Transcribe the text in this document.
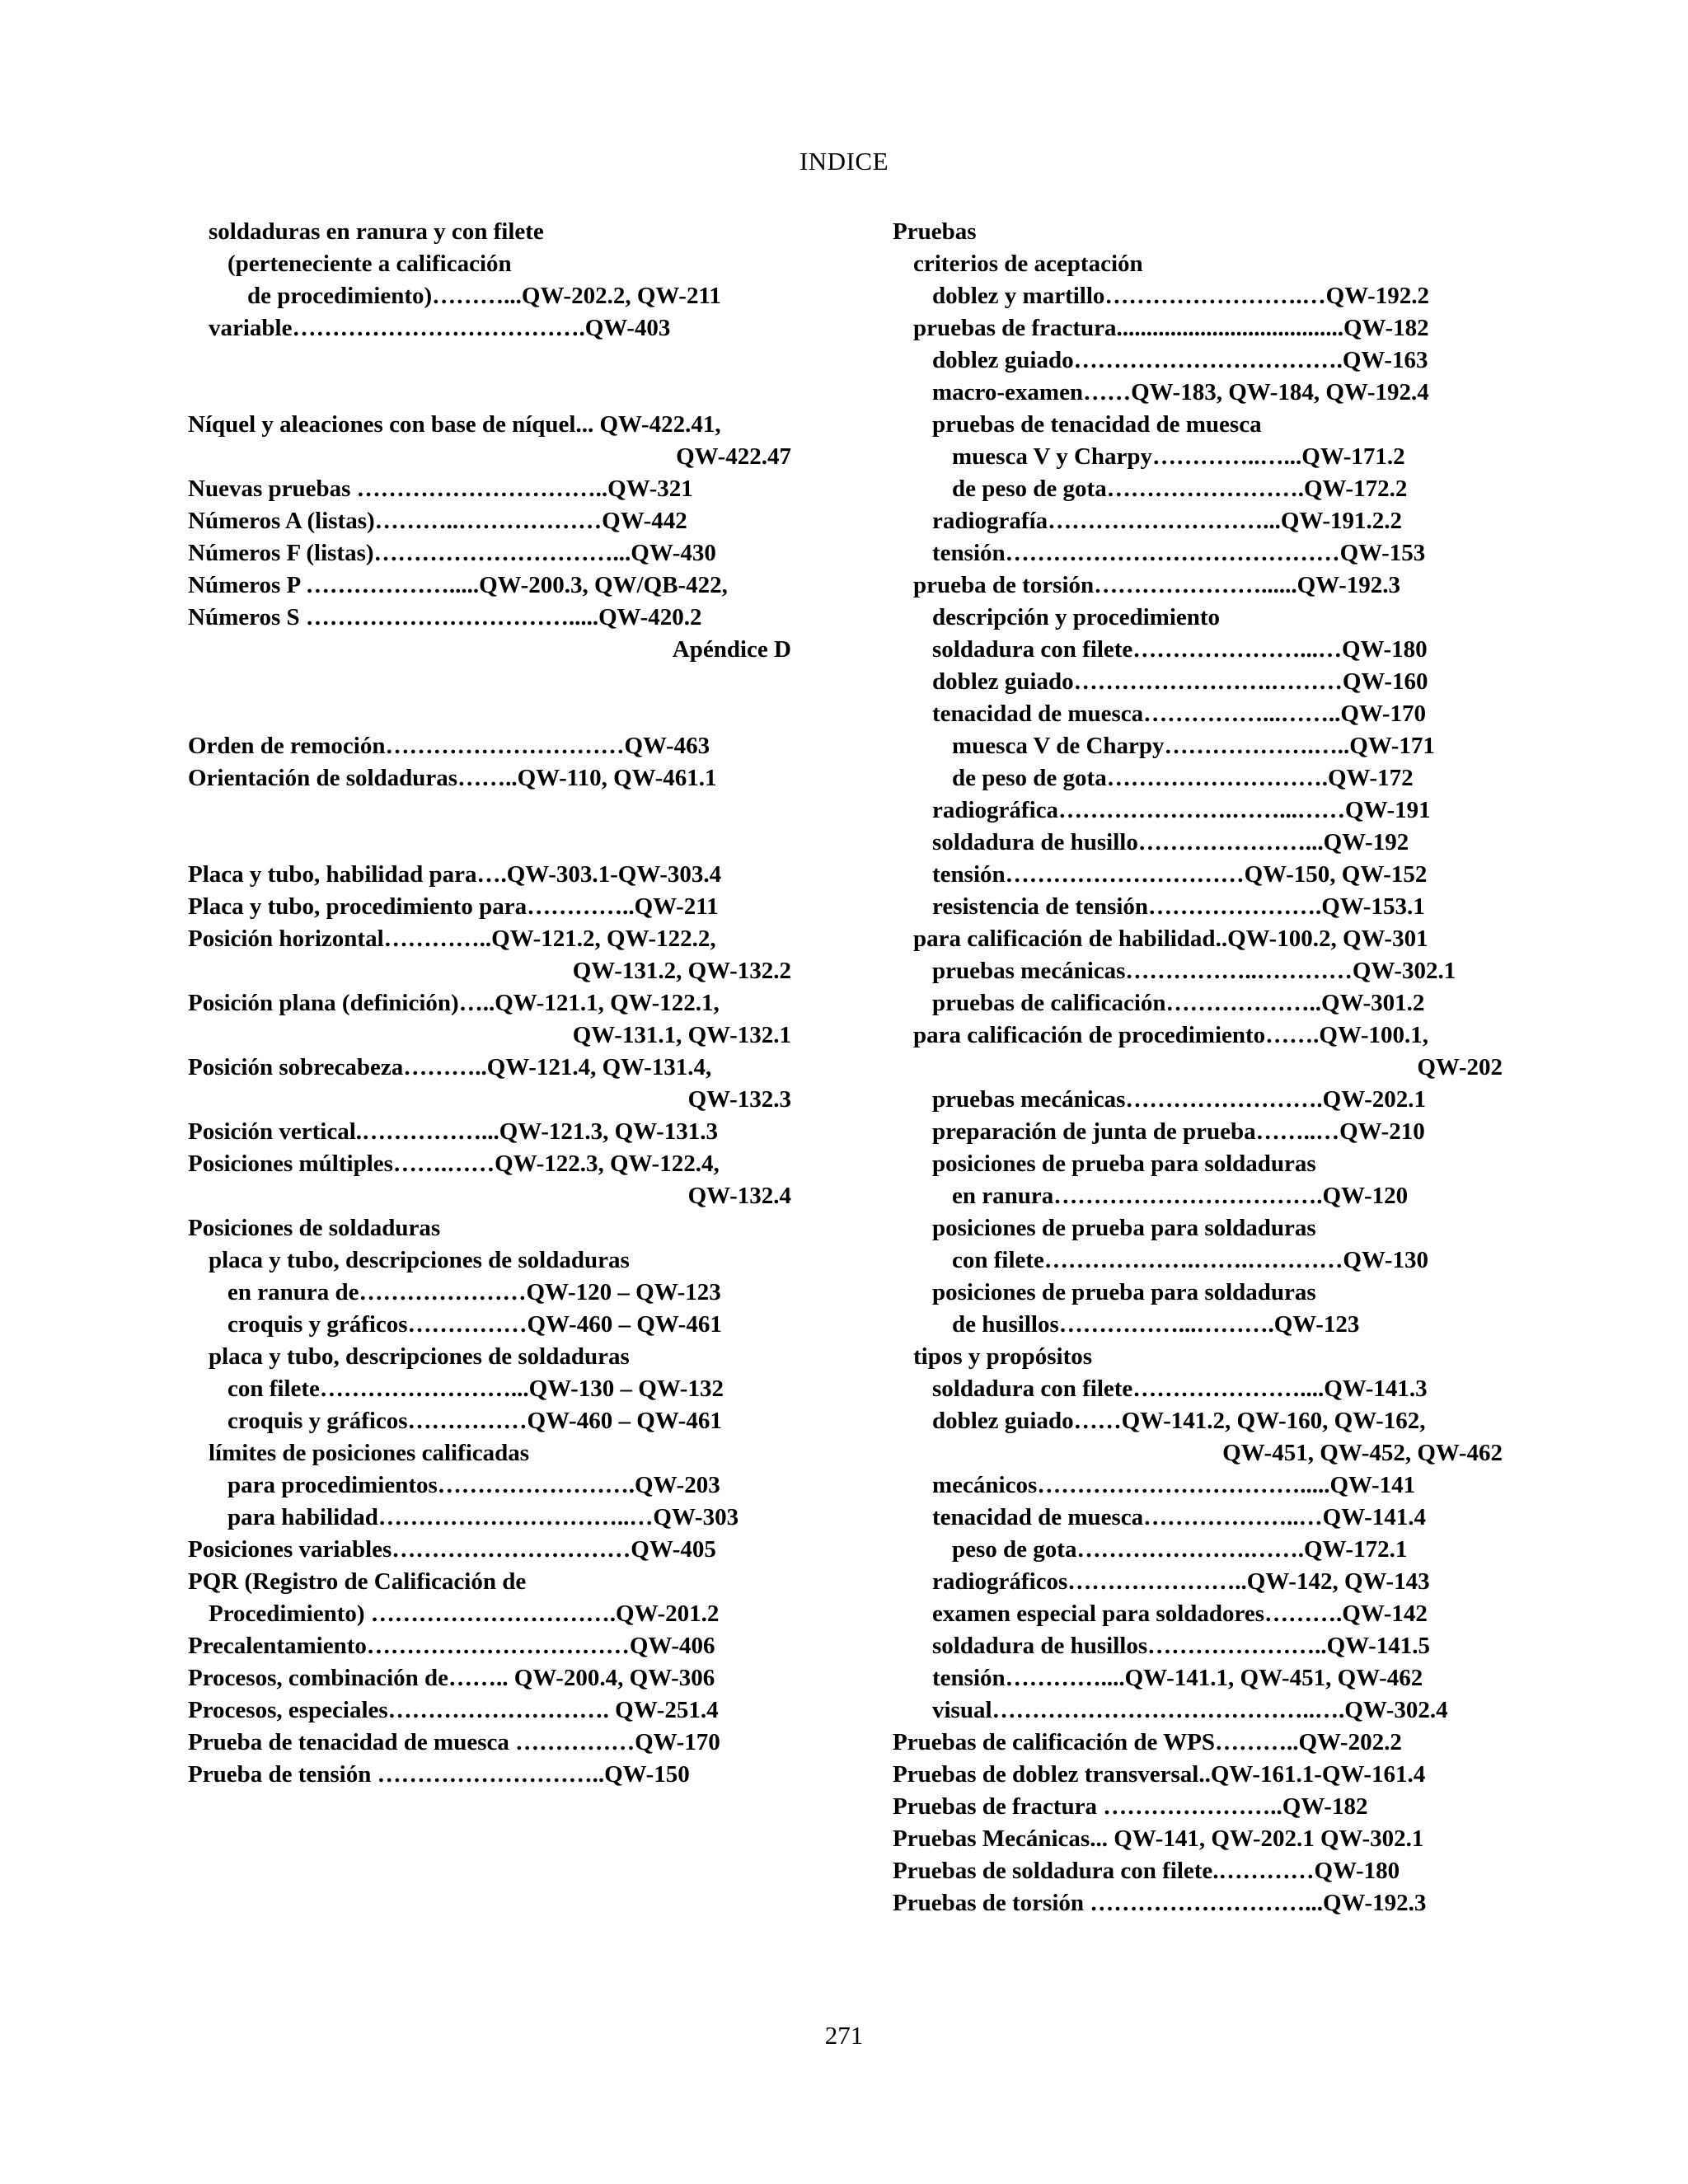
INDICE
soldaduras en ranura y con filete
(perteneciente a calificación
de procedimiento)………...QW-202.2, QW-211
variable……………………………….QW-403
Níquel y aleaciones con base de níquel... QW-422.41,
QW-422.47
Nuevas pruebas …………………………..QW-321
Números A (listas)………..………………QW-442
Números F (listas)…………………………...QW-430
Números P ……………….....QW-200.3, QW/QB-422,
Números S …………………………….....QW-420.2
Apéndice D
Orden de remoción…………………………QW-463
Orientación de soldaduras……..QW-110, QW-461.1
Placa y tubo, habilidad para….QW-303.1-QW-303.4
Placa y tubo, procedimiento para…………..QW-211
Posición horizontal…………..QW-121.2, QW-122.2,
QW-131.2, QW-132.2
Posición plana (definición)…..QW-121.1, QW-122.1,
QW-131.1, QW-132.1
Posición sobrecabeza………..QW-121.4, QW-131.4,
QW-132.3
Posición vertical.……………...QW-121.3, QW-131.3
Posiciones múltiples…….……QW-122.3, QW-122.4,
QW-132.4
Posiciones de soldaduras
placa y tubo, descripciones de soldaduras
en ranura de…………………QW-120 – QW-123
croquis y gráficos……………QW-460 – QW-461
placa y tubo, descripciones de soldaduras
con filete……………………...QW-130 – QW-132
croquis y gráficos……………QW-460 – QW-461
límites de posiciones calificadas
para procedimientos…………………….QW-203
para habilidad…………………………..…QW-303
Posiciones variables…………………………QW-405
PQR (Registro de Calificación de
Procedimiento) ………………………….QW-201.2
Precalentamiento……………………………QW-406
Procesos, combinación de…….. QW-200.4, QW-306
Procesos, especiales………………………. QW-251.4
Prueba de tenacidad de muesca ……………QW-170
Prueba de tensión ………………………..QW-150
Pruebas
criterios de aceptación
doblez y martillo…………………….…QW-192.2
pruebas de fractura......................................QW-182
doblez guiado…………………………….QW-163
macro-examen……QW-183, QW-184, QW-192.4
pruebas de tenacidad de muesca
muesca V y Charpy…………..…...QW-171.2
de peso de gota…………………….QW-172.2
radiografía………………………...QW-191.2.2
tensión……………………………………QW-153
prueba de torsión…………………......QW-192.3
descripción y procedimiento
soldadura con filete…………………...…QW-180
doblez guiado…………………….………QW-160
tenacidad de muesca……………...……..QW-170
muesca V de Charpy……………….…..QW-171
de peso de gota……………………….QW-172
radiográfica………………….……...……QW-191
soldadura de husillo…………………...QW-192
tensión…………………………QW-150, QW-152
resistencia de tensión………………….QW-153.1
para calificación de habilidad..QW-100.2, QW-301
pruebas mecánicas……………..…………QW-302.1
pruebas de calificación………………..QW-301.2
para calificación de procedimiento…….QW-100.1,
QW-202
pruebas mecánicas…………………….QW-202.1
preparación de junta de prueba……..…QW-210
posiciones de prueba para soldaduras
en ranura…………………………….QW-120
posiciones de prueba para soldaduras
con filete……………….…….…………QW-130
posiciones de prueba para soldaduras
de husillos……………...……….QW-123
tipos y propósitos
soldadura con filete…………………....QW-141.3
doblez guiado……QW-141.2, QW-160, QW-162,
QW-451, QW-452, QW-462
mecánicos…………………………….....QW-141
tenacidad de muesca………………..…QW-141.4
peso de gota………………….…….QW-172.1
radiográficos…………………..QW-142, QW-143
examen especial para soldadores……….QW-142
soldadura de husillos…………………..QW-141.5
tensión…………....QW-141.1, QW-451, QW-462
visual…………………………………..….QW-302.4
Pruebas de calificación de WPS………..QW-202.2
Pruebas de doblez transversal..QW-161.1-QW-161.4
Pruebas de fractura …………………..QW-182
Pruebas Mecánicas... QW-141, QW-202.1 QW-302.1
Pruebas de soldadura con filete.…………QW-180
Pruebas de torsión ………………………...QW-192.3
271
